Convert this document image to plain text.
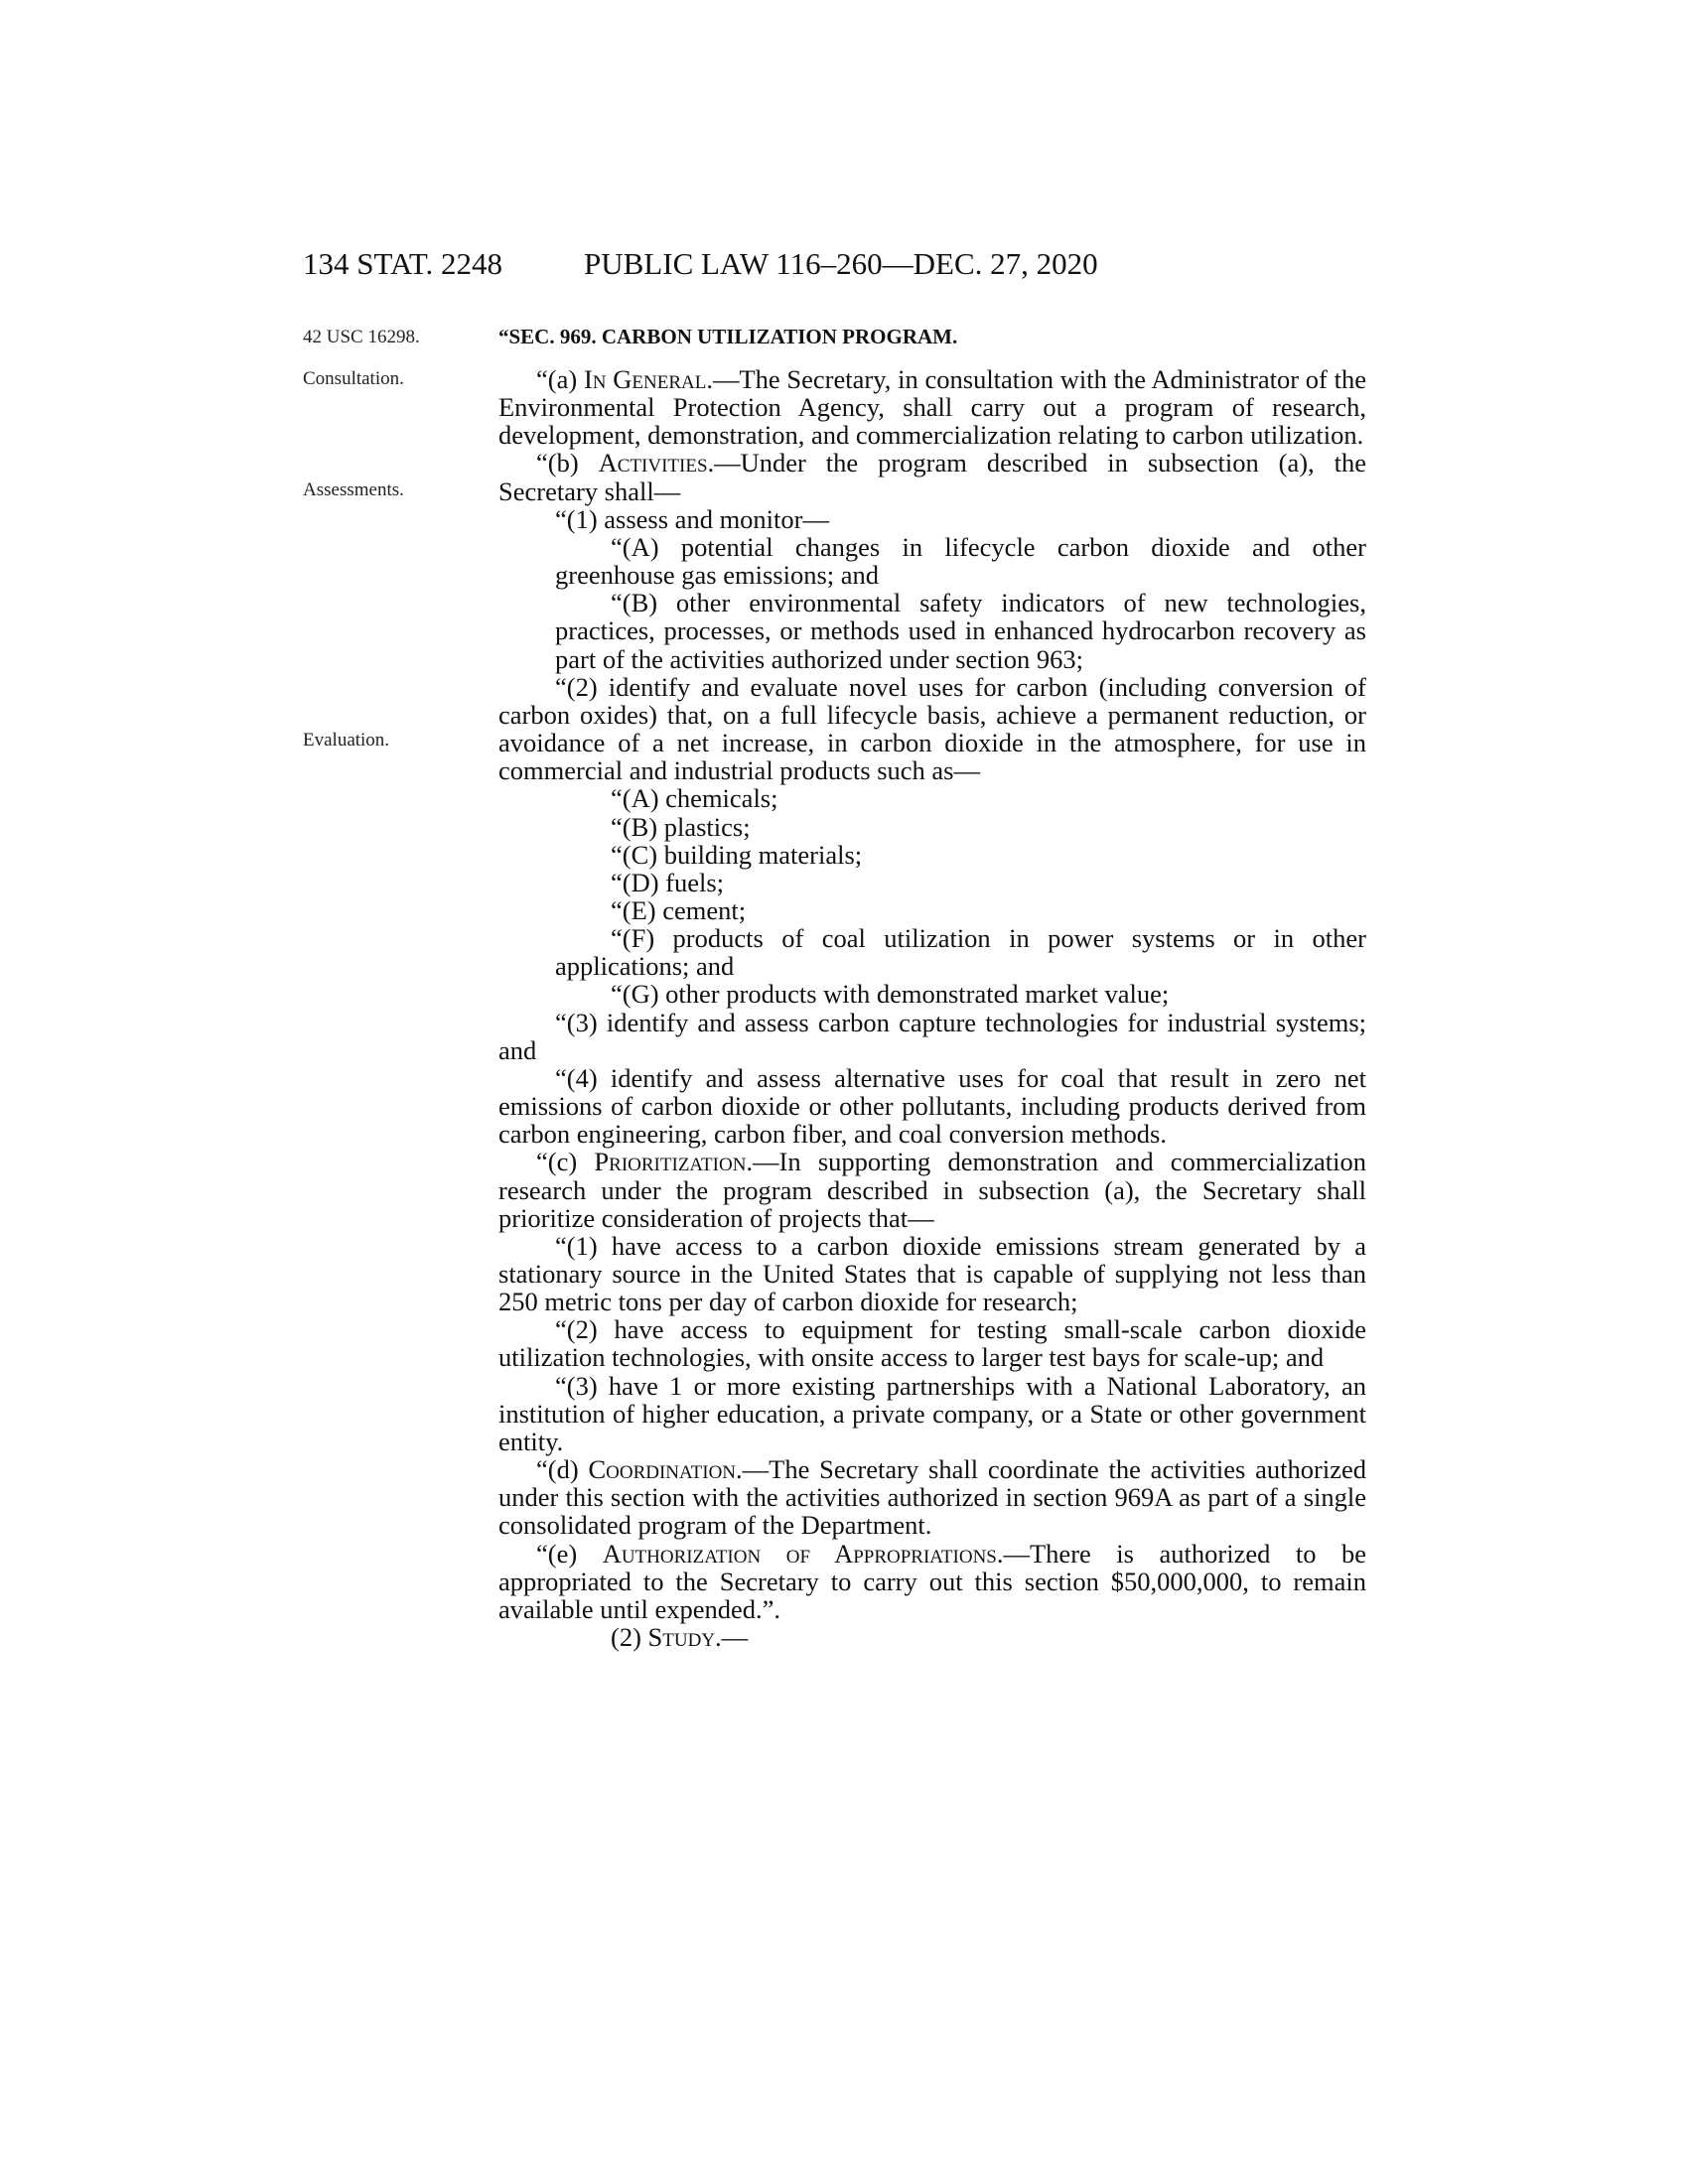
134 STAT. 2248	PUBLIC LAW 116–260—DEC. 27, 2020
42 USC 16298.
Consultation.
Assessments.
Evaluation.
“SEC. 969. CARBON UTILIZATION PROGRAM.

“(a) In General.—The Secretary, in consultation with the Administrator of the Environmental Protection Agency, shall carry out a program of research, development, demonstration, and commercialization relating to carbon utilization.

“(b) Activities.—Under the program described in subsection (a), the Secretary shall—

“(1) assess and monitor—

“(A) potential changes in lifecycle carbon dioxide and other greenhouse gas emissions; and

“(B) other environmental safety indicators of new technologies, practices, processes, or methods used in enhanced hydrocarbon recovery as part of the activities authorized under section 963;

“(2) identify and evaluate novel uses for carbon (including conversion of carbon oxides) that, on a full lifecycle basis, achieve a permanent reduction, or avoidance of a net increase, in carbon dioxide in the atmosphere, for use in commercial and industrial products such as—

“(A) chemicals;

“(B) plastics;

“(C) building materials;

“(D) fuels;

“(E) cement;

“(F) products of coal utilization in power systems or in other applications; and

“(G) other products with demonstrated market value;

“(3) identify and assess carbon capture technologies for industrial systems; and

“(4) identify and assess alternative uses for coal that result in zero net emissions of carbon dioxide or other pollutants, including products derived from carbon engineering, carbon fiber, and coal conversion methods.

“(c) Prioritization.—In supporting demonstration and commercialization research under the program described in subsection (a), the Secretary shall prioritize consideration of projects that—

“(1) have access to a carbon dioxide emissions stream generated by a stationary source in the United States that is capable of supplying not less than 250 metric tons per day of carbon dioxide for research;

“(2) have access to equipment for testing small-scale carbon dioxide utilization technologies, with onsite access to larger test bays for scale-up; and

“(3) have 1 or more existing partnerships with a National Laboratory, an institution of higher education, a private company, or a State or other government entity.

“(d) Coordination.—The Secretary shall coordinate the activities authorized under this section with the activities authorized in section 969A as part of a single consolidated program of the Department.

“(e) Authorization of Appropriations.—There is authorized to be appropriated to the Secretary to carry out this section $50,000,000, to remain available until expended.”.

(2) Study.—
